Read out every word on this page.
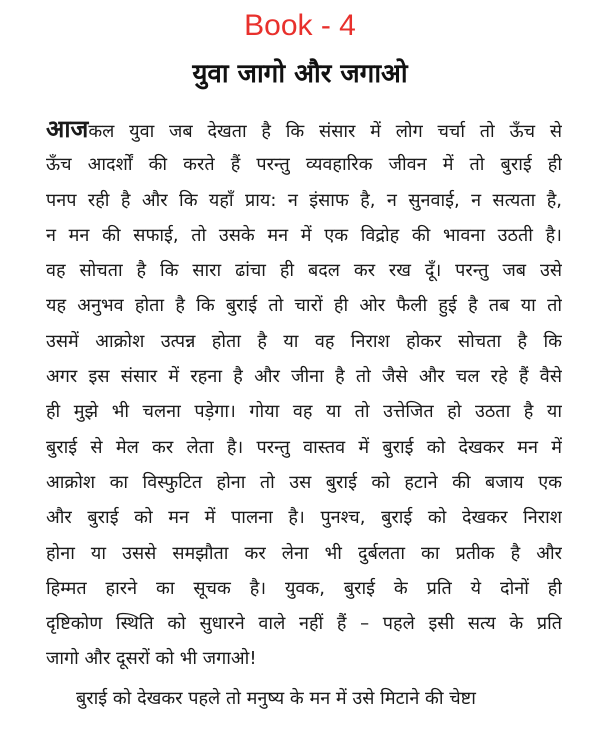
Book - 4
युवा जागो और जगाओ
आजकल युवा जब देखता है कि संसार में लोग चर्चा तो ऊँच से
ऊँच आदर्शों की करते हैं परन्तु व्यवहारिक जीवन में तो बुराई ही
पनप रही है और कि यहाँ प्राय: न इंसाफ है, न सुनवाई, न सत्यता है,
न मन की सफाई, तो उसके मन में एक विद्रोह की भावना उठती है।
वह सोचता है कि सारा ढांचा ही बदल कर रख दूँ। परन्तु जब उसे
यह अनुभव होता है कि बुराई तो चारों ही ओर फैली हुई है तब या तो
उसमें आक्रोश उत्पन्न होता है या वह निराश होकर सोचता है कि
अगर इस संसार में रहना है और जीना है तो जैसे और चल रहे हैं वैसे
ही मुझे भी चलना पड़ेगा। गोया वह या तो उत्तेजित हो उठता है या
बुराई से मेल कर लेता है। परन्तु वास्तव में बुराई को देखकर मन में
आक्रोश का विस्फुटित होना तो उस बुराई को हटाने की बजाय एक
और बुराई को मन में पालना है। पुनश्च, बुराई को देखकर निराश
होना या उससे समझौता कर लेना भी दुर्बलता का प्रतीक है और
हिम्मत हारने का सूचक है। युवक, बुराई के प्रति ये दोनों ही
दृष्टिकोण स्थिति को सुधारने वाले नहीं हैं – पहले इसी सत्य के प्रति
जागो और दूसरों को भी जगाओ!
बुराई को देखकर पहले तो मनुष्य के मन में उसे मिटाने की चेष्टा
